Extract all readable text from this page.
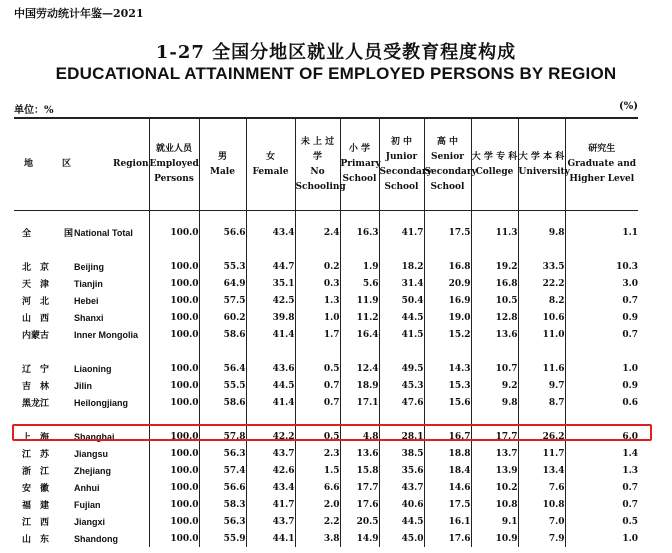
中国劳动统计年鉴—2021
1-27 全国分地区就业人员受教育程度构成
EDUCATIONAL ATTAINMENT OF EMPLOYED PERSONS BY REGION
单位：%	(%)
地　区 Region	就业人员
Employed Persons	男
Male	女
Female	未 上 过 学
No Schooling	小 学
Primary School	初 中
Junior Secondary School	高 中
Senior Secondary School	大 学 专 科
College	大 学 本 科
University	研究生
Graduate and Higher Level

全　国National Total	100.0	56.6	43.4	2.4	16.3	41.7	17.5	11.3	9.8	1.1

北　京 Beijing	100.0	55.3	44.7	0.2	1.9	18.2	16.8	19.2	33.5	10.3
天　津 Tianjin	100.0	64.9	35.1	0.3	5.6	31.4	20.9	16.8	22.2	3.0
河　北 Hebei	100.0	57.5	42.5	1.3	11.9	50.4	16.9	10.5	8.2	0.7
山　西 Shanxi	100.0	60.2	39.8	1.0	11.2	44.5	19.0	12.8	10.6	0.9
内蒙古 Inner Mongolia	100.0	58.6	41.4	1.7	16.4	41.5	15.2	13.6	11.0	0.7

辽　宁 Liaoning	100.0	56.4	43.6	0.5	12.4	49.5	14.3	10.7	11.6	1.0
吉　林 Jilin	100.0	55.5	44.5	0.7	18.9	45.3	15.3	9.2	9.7	0.9
黑龙江 Heilongjiang	100.0	58.6	41.4	0.7	17.1	47.6	15.6	9.8	8.7	0.6

上　海 Shanghai	100.0	57.8	42.2	0.5	4.8	28.1	16.7	17.7	26.2	6.0
江　苏 Jiangsu	100.0	56.3	43.7	2.3	13.6	38.5	18.8	13.7	11.7	1.4
浙　江 Zhejiang	100.0	57.4	42.6	1.5	15.8	35.6	18.4	13.9	13.4	1.3
安　徽 Anhui	100.0	56.6	43.4	6.6	17.7	43.7	14.6	10.2	7.6	0.7
福　建 Fujian	100.0	58.3	41.7	2.0	17.6	40.6	17.5	10.8	10.8	0.7
江　西 Jiangxi	100.0	56.3	43.7	2.2	20.5	44.5	16.1	9.1	7.0	0.5
山　东 Shandong	100.0	55.9	44.1	3.8	14.9	45.0	17.6	10.9	7.9	1.0
